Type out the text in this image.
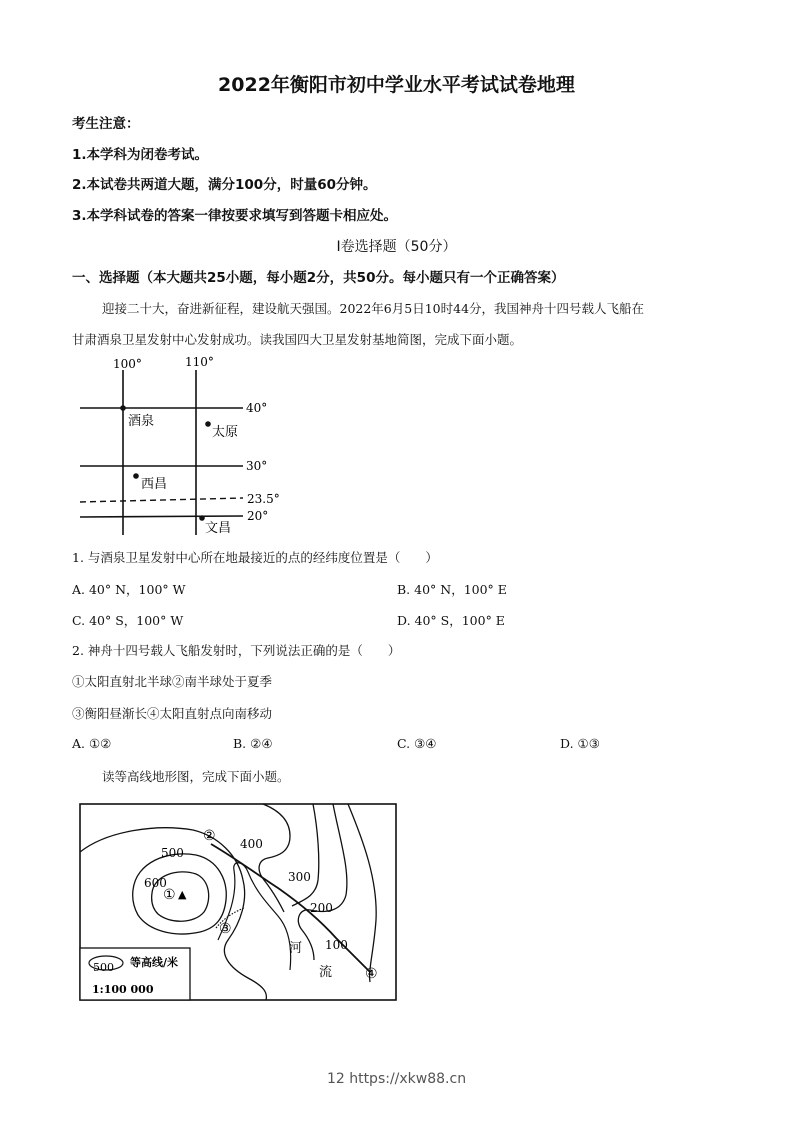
2022年衡阳市初中学业水平考试试卷地理
考生注意：
1.本学科为闭卷考试。
2.本试卷共两道大题，满分100分，时量60分钟。
3.本学科试卷的答案一律按要求填写到答题卡相应处。
Ⅰ卷选择题（50分）
一、选择题（本大题共25小题，每小题2分，共50分。每小题只有一个正确答案）
迎接二十大，奋进新征程，建设航天强国。2022年6月5日10时44分，我国神舟十四号载人飞船在
甘肃酒泉卫星发射中心发射成功。读我国四大卫星发射基地简图，完成下面小题。
100°	110°
40°
30°
23.5°
20°
酒泉
太原
西昌
文昌
1. 与酒泉卫星发射中心所在地最接近的点的经纬度位置是（　　）
A. 40° N，100° W	B. 40° N，100° E
C. 40° S，100° W	D. 40° S，100° E
2. 神舟十四号载人飞船发射时，下列说法正确的是（　　）
①太阳直射北半球②南半球处于夏季
③衡阳昼渐长④太阳直射点向南移动
A. ①②	B. ②④	C. ③④	D. ①③
读等高线地形图，完成下面小题。
500
600
400
300
200
100
① ▲
②
③
④
河
流
500 等高线/米
1:100 000
12 https://xkw88.cn
